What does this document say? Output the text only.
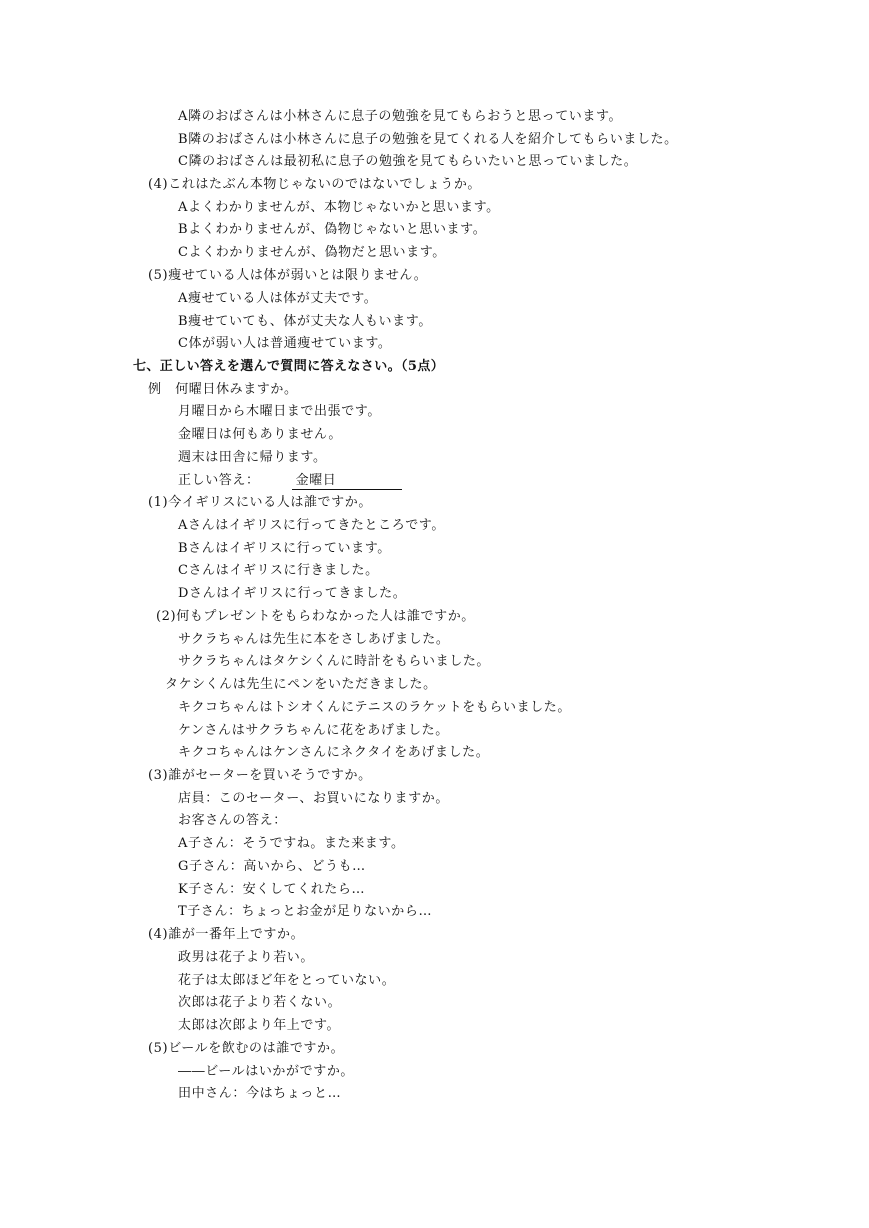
A隣のおばさんは小林さんに息子の勉強を見てもらおうと思っています。
B隣のおばさんは小林さんに息子の勉強を見てくれる人を紹介してもらいました。
C隣のおばさんは最初私に息子の勉強を見てもらいたいと思っていました。
(4)これはたぶん本物じゃないのではないでしょうか。
Aよくわかりませんが、本物じゃないかと思います。
Bよくわかりませんが、偽物じゃないと思います。
Cよくわかりませんが、偽物だと思います。
(5)痩せている人は体が弱いとは限りません。
A痩せている人は体が丈夫です。
B痩せていても、体が丈夫な人もいます。
C体が弱い人は普通痩せています。
七、正しい答えを選んで質問に答えなさい。（5点）
例　何曜日休みますか。
月曜日から木曜日まで出張です。
金曜日は何もありません。
週末は田舎に帰ります。
正しい答え：	金曜日
(1)今イギリスにいる人は誰ですか。
Aさんはイギリスに行ってきたところです。
Bさんはイギリスに行っています。
Cさんはイギリスに行きました。
Dさんはイギリスに行ってきました。
(2)何もプレゼントをもらわなかった人は誰ですか。
サクラちゃんは先生に本をさしあげました。
サクラちゃんはタケシくんに時計をもらいました。
タケシくんは先生にペンをいただきました。
キクコちゃんはトシオくんにテニスのラケットをもらいました。
ケンさんはサクラちゃんに花をあげました。
キクコちゃんはケンさんにネクタイをあげました。
(3)誰がセーターを買いそうですか。
店員：このセーター、お買いになりますか。
お客さんの答え：
A子さん：そうですね。また来ます。
G子さん：高いから、どうも…
K子さん：安くしてくれたら…
T子さん：ちょっとお金が足りないから…
(4)誰が一番年上ですか。
政男は花子より若い。
花子は太郎ほど年をとっていない。
次郎は花子より若くない。
太郎は次郎より年上です。
(5)ビールを飲むのは誰ですか。
――ビールはいかがですか。
田中さん：今はちょっと…
